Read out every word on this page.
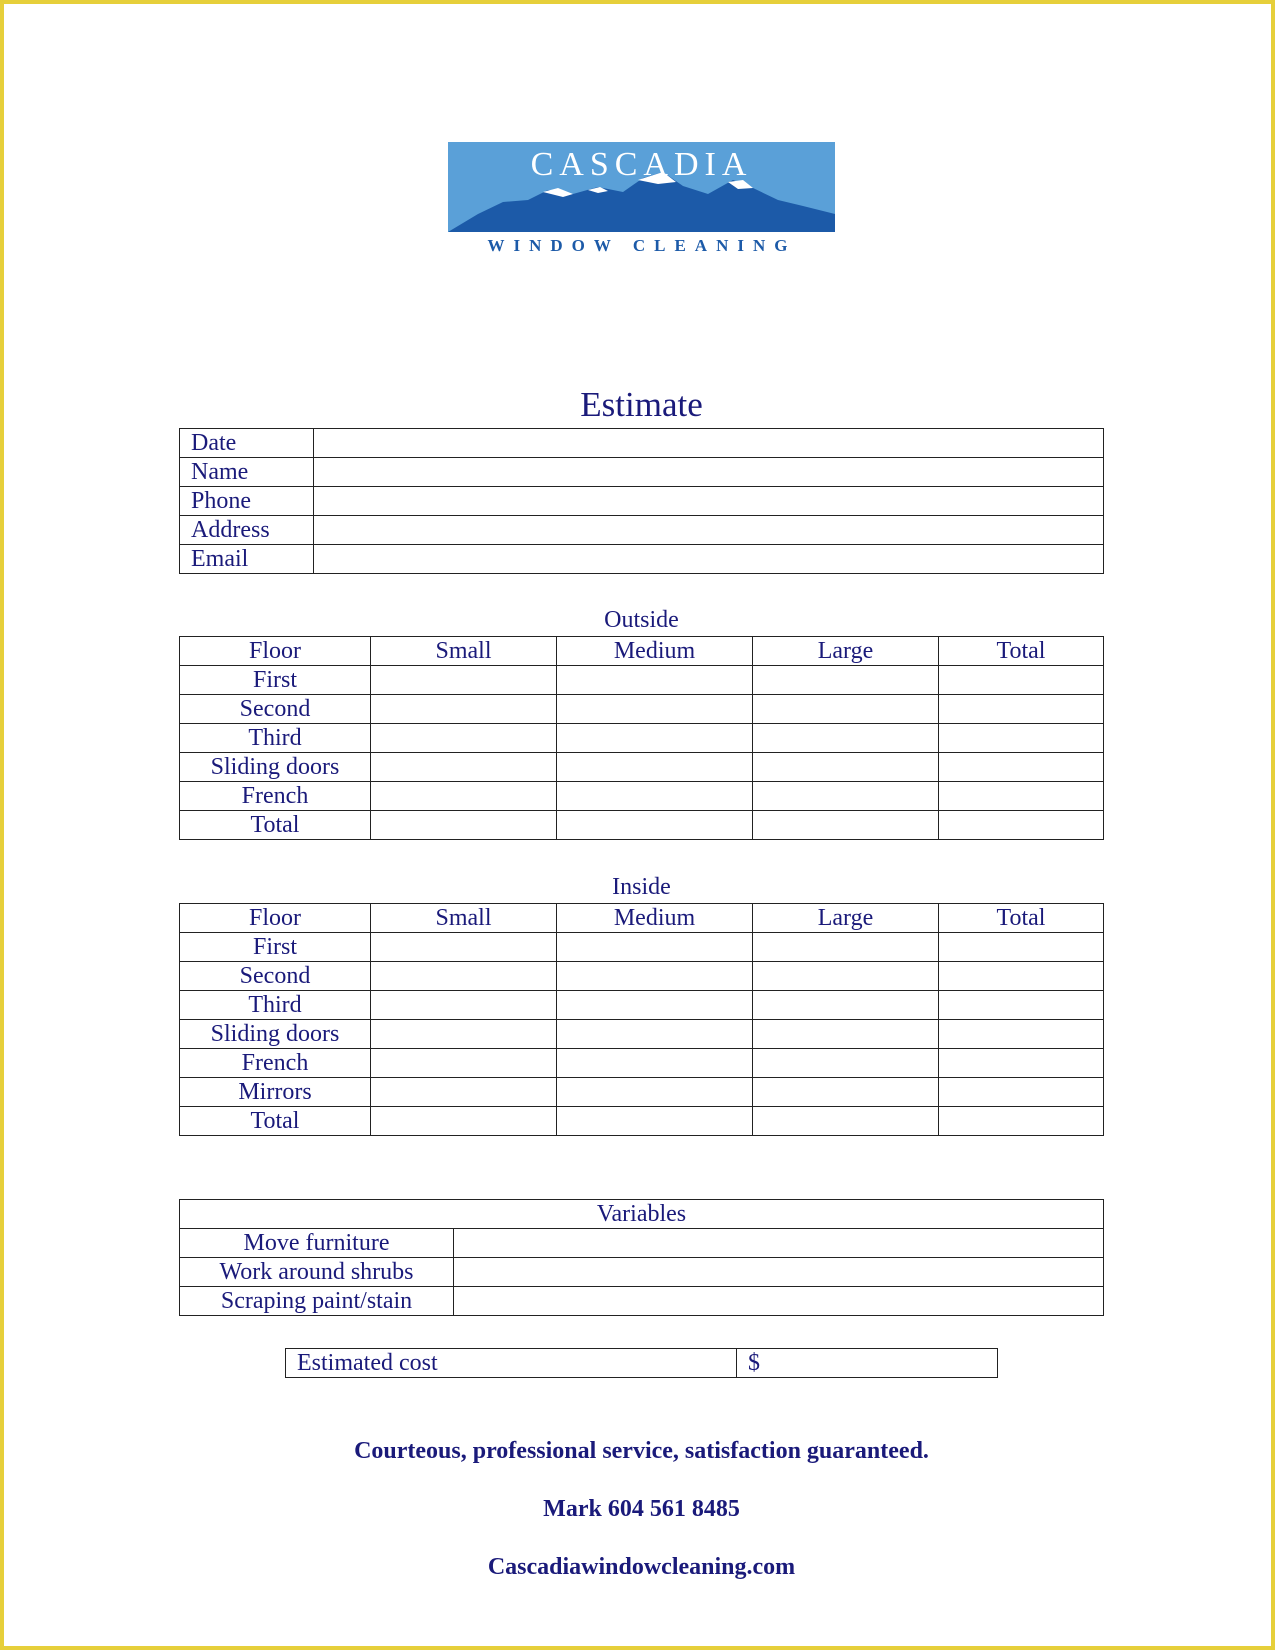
CASCADIA
WINDOW CLEANING
Estimate
Date	
Name	
Phone	
Address	
Email	
Outside
Floor	Small	Medium	Large	Total
First				
Second				
Third				
Sliding doors				
French				
Total				
Inside
Floor	Small	Medium	Large	Total
First				
Second				
Third				
Sliding doors				
French				
Mirrors				
Total				
Variables	
Move furniture	
Work around shrubs	
Scraping paint/stain	
Estimated cost	$
Courteous, professional service, satisfaction guaranteed.
Mark 604 561 8485
Cascadiawindowcleaning.com
